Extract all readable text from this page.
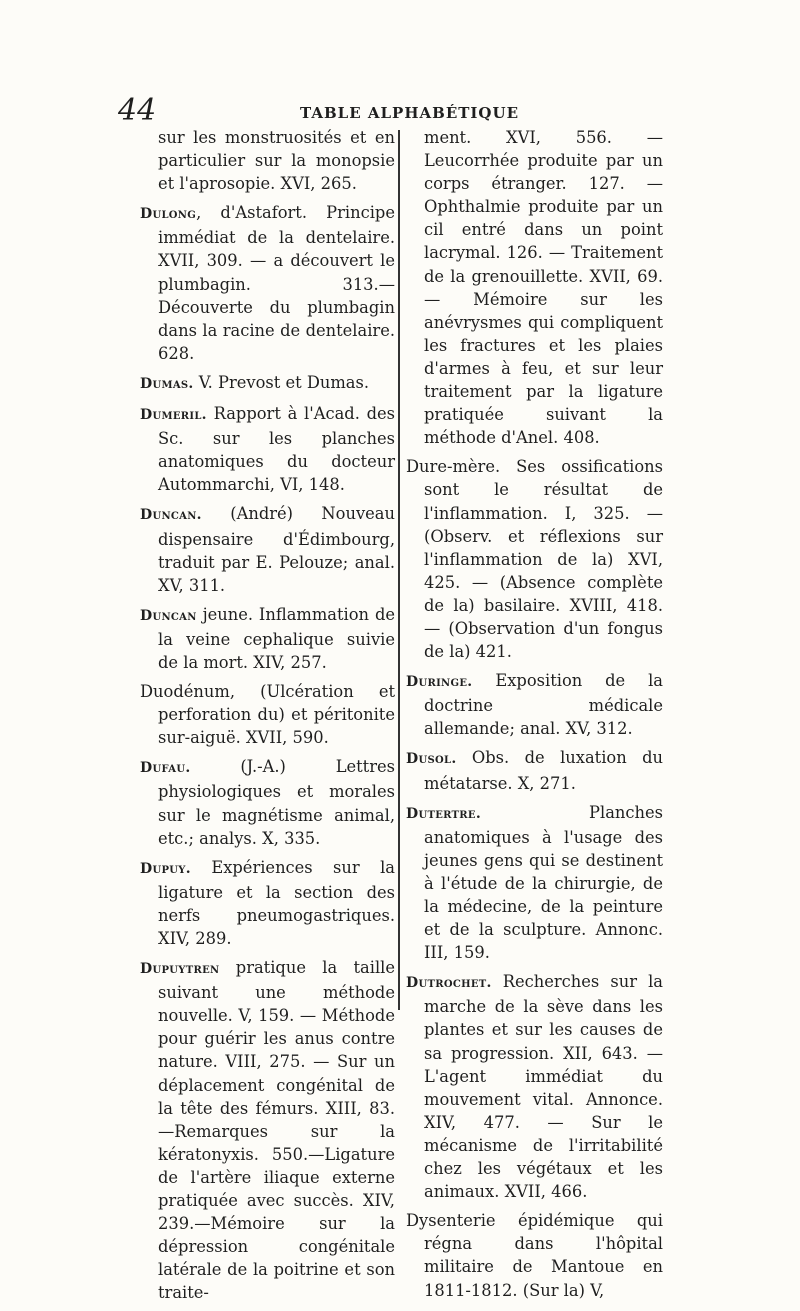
44	TABLE ALPHABÉTIQUE

sur les monstruosités et en particulier sur la monopsie et l'aprosopie. XVI, 265.

Dulong, d'Astafort. Principe immédiat de la dentelaire. XVII, 309. — a découvert le plumbagin. 313.—Découverte du plumbagin dans la racine de dentelaire. 628.

Dumas. V. Prevost et Dumas.

Dumeril. Rapport à l'Acad. des Sc. sur les planches anatomiques du docteur Autommarchi, VI, 148.

Duncan. (André) Nouveau dispensaire d'Édimbourg, traduit par E. Pelouze; anal. XV, 311.

Duncan jeune. Inflammation de la veine cephalique suivie de la mort. XIV, 257.

Duodénum, (Ulcération et perforation du) et péritonite sur-aiguë. XVII, 590.

Dufau. (J.-A.) Lettres physiologiques et morales sur le magnétisme animal, etc.; analys. X, 335.

Dupuy. Expériences sur la ligature et la section des nerfs pneumogastriques. XIV, 289.

Dupuytren pratique la taille suivant une méthode nouvelle. V, 159. — Méthode pour guérir les anus contre nature. VIII, 275. — Sur un déplacement congénital de la tête des fémurs. XIII, 83.—Remarques sur la kératonyxis. 550.—Ligature de l'artère iliaque externe pratiquée avec succès. XIV, 239.—Mémoire sur la dépression congénitale latérale de la poitrine et son traite-

ment. XVI, 556. — Leucorrhée produite par un corps étranger. 127. —Ophthalmie produite par un cil entré dans un point lacrymal. 126. — Traitement de la grenouillette. XVII, 69. — Mémoire sur les anévrysmes qui compliquent les fractures et les plaies d'armes à feu, et sur leur traitement par la ligature pratiquée suivant la méthode d'Anel. 408.

Dure-mère. Ses ossifications sont le résultat de l'inflammation. I, 325. — (Observ. et réflexions sur l'inflammation de la) XVI, 425. — (Absence complète de la) basilaire. XVIII, 418. — (Observation d'un fongus de la) 421.

Duringe. Exposition de la doctrine médicale allemande; anal. XV, 312.

Dusol. Obs. de luxation du métatarse. X, 271.

Dutertre. Planches anatomiques à l'usage des jeunes gens qui se destinent à l'étude de la chirurgie, de la médecine, de la peinture et de la sculpture. Annonc. III, 159.

Dutrochet. Recherches sur la marche de la sève dans les plantes et sur les causes de sa progression. XII, 643. — L'agent immédiat du mouvement vital. Annonce. XIV, 477. — Sur le mécanisme de l'irritabilité chez les végétaux et les animaux. XVII, 466.

Dysenterie épidémique qui régna dans l'hôpital militaire de Mantoue en 1811-1812. (Sur la) V,
